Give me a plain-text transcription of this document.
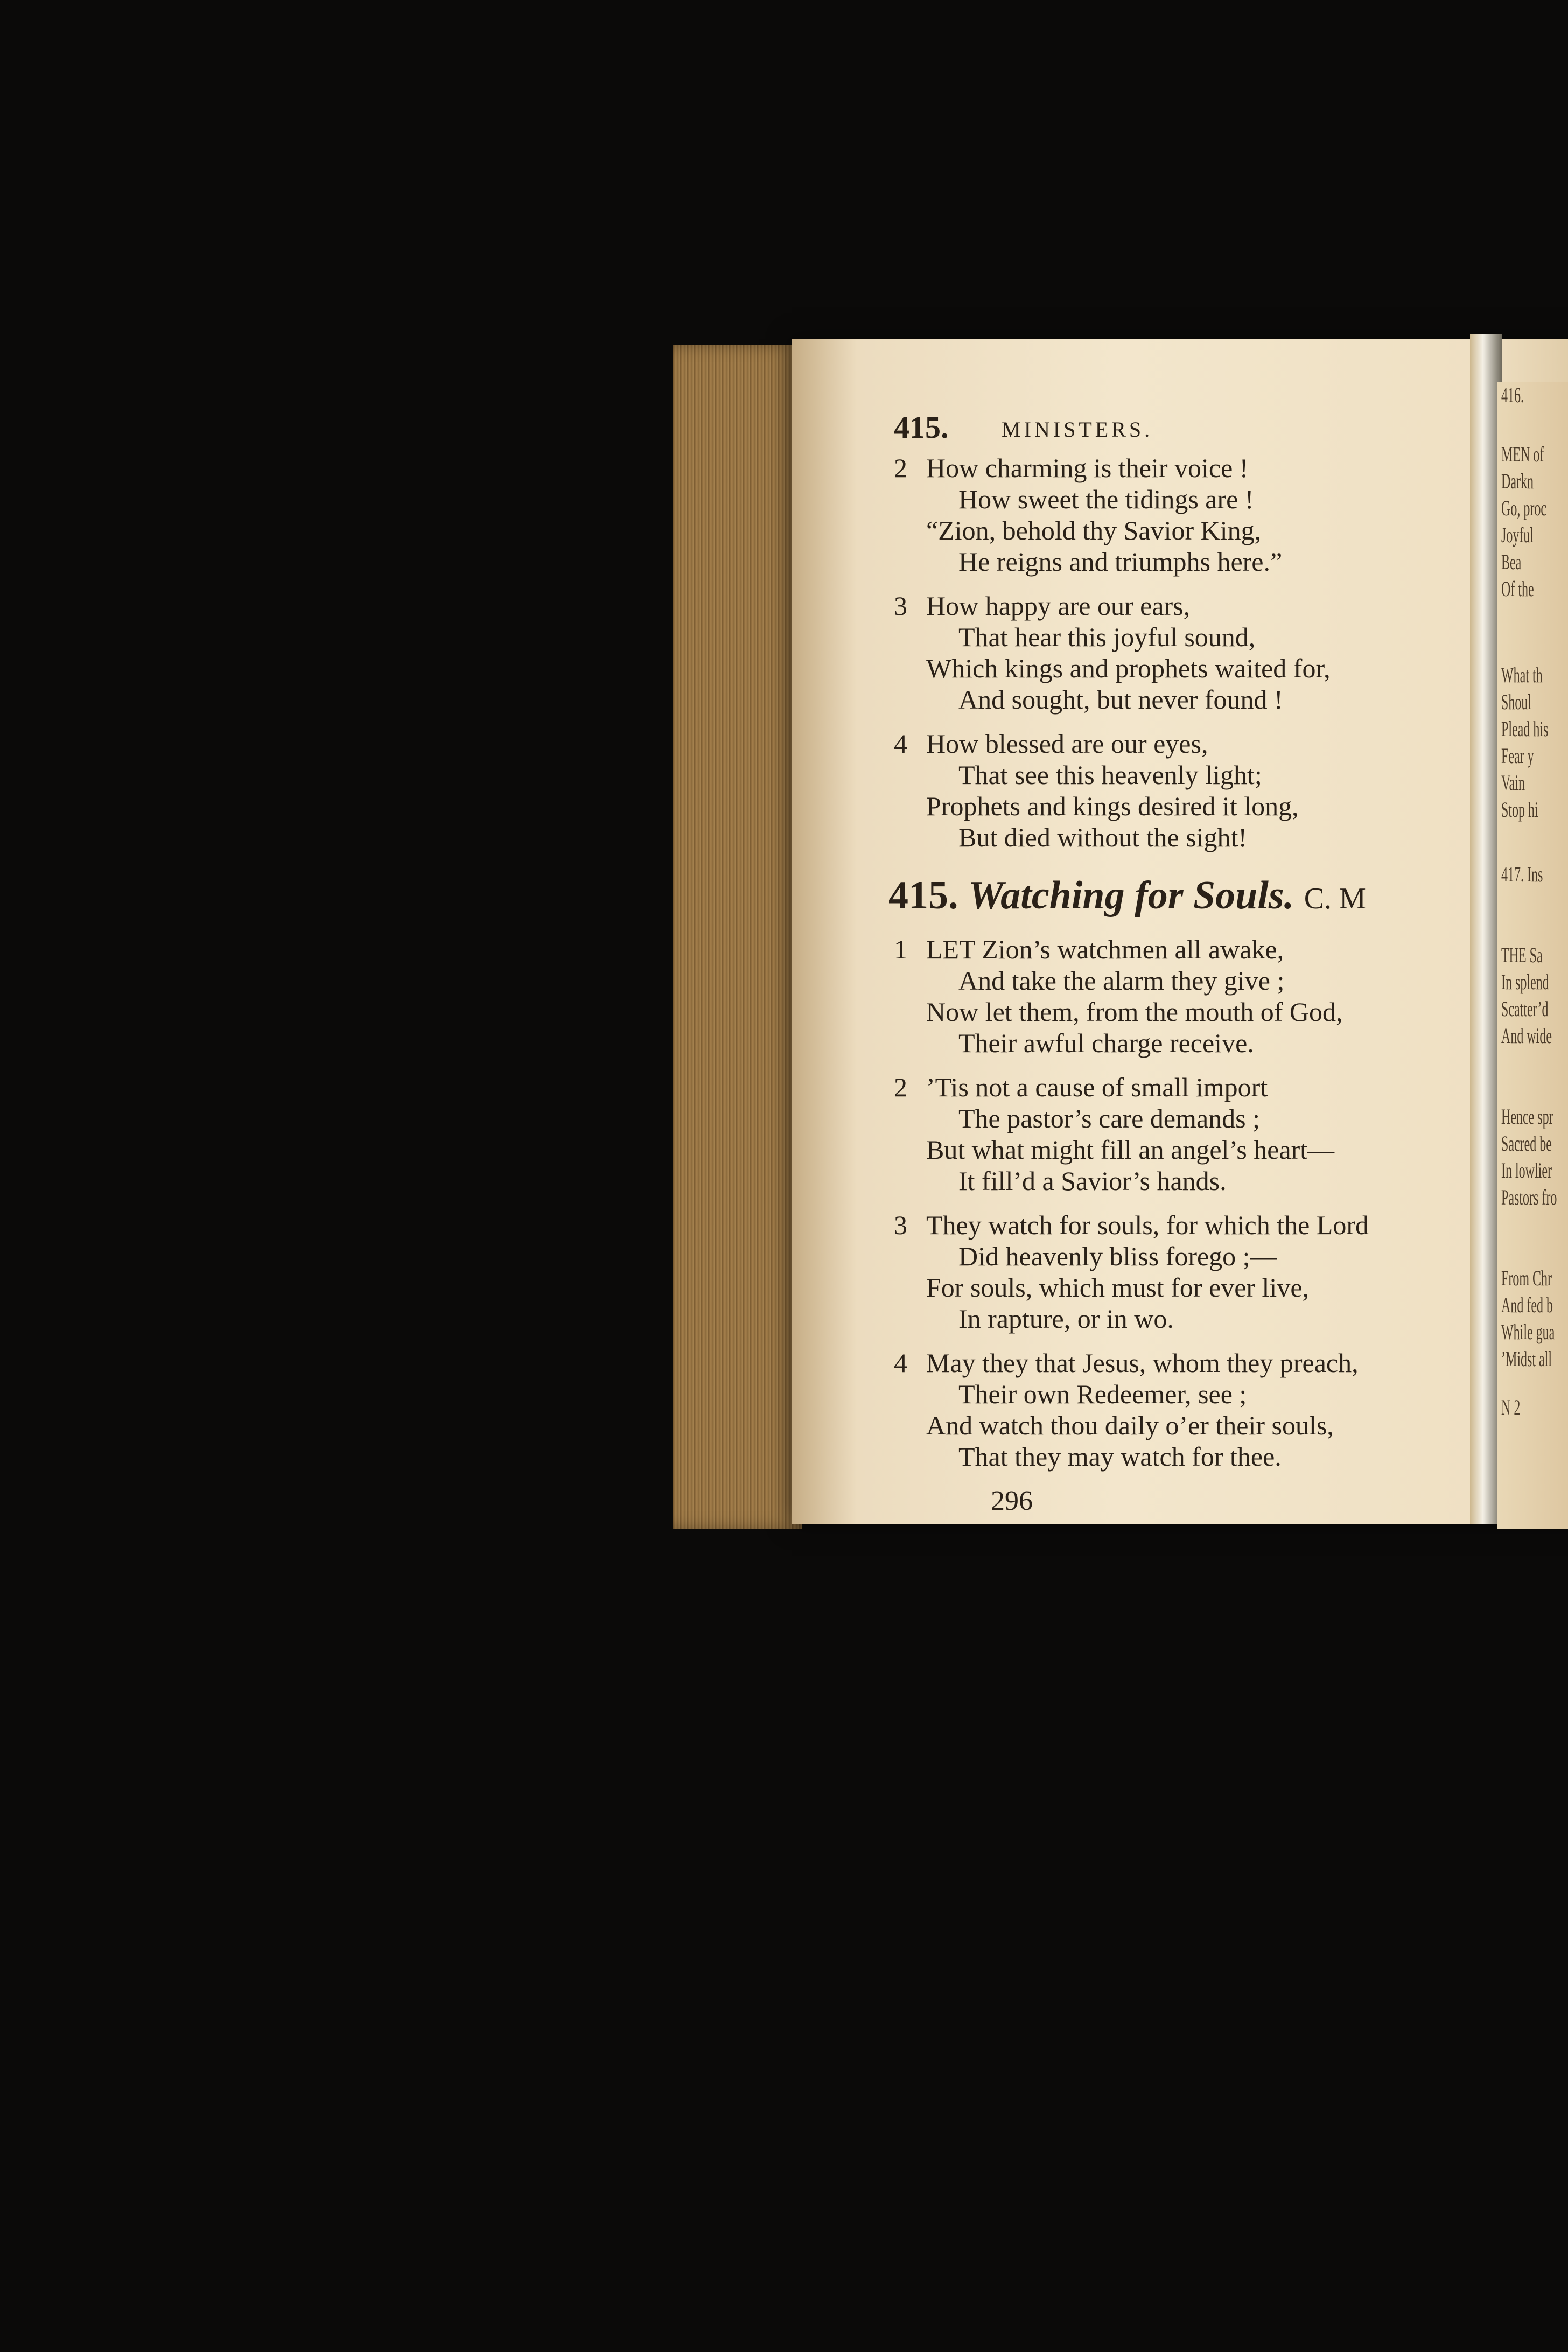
416.
MEN of
Darkn
Go, proc
Joyful
Bea
Of the
What th
Shoul
Plead his
Fear y
Vain
Stop hi
417. Ins
THE Sa
In splend
Scatter’d
And wide
Hence spr
Sacred be
In lowlier
Pastors fro
From Chr
And fed b
While gua
’Midst all
N 2
415. MINISTERS.
2 How charming is their voice !
How sweet the tidings are !
“Zion, behold thy Savior King,
He reigns and triumphs here.”
3 How happy are our ears,
That hear this joyful sound,
Which kings and prophets waited for,
And sought, but never found !
4 How blessed are our eyes,
That see this heavenly light;
Prophets and kings desired it long,
But died without the sight!
415. Watching for Souls. C. M
1 LET Zion’s watchmen all awake,
And take the alarm they give ;
Now let them, from the mouth of God,
Their awful charge receive.
2 ’Tis not a cause of small import
The pastor’s care demands ;
But what might fill an angel’s heart—
It fill’d a Savior’s hands.
3 They watch for souls, for which the Lord
Did heavenly bliss forego ;—
For souls, which must for ever live,
In rapture, or in wo.
4 May they that Jesus, whom they preach,
Their own Redeemer, see ;
And watch thou daily o’er their souls,
That they may watch for thee.
296
